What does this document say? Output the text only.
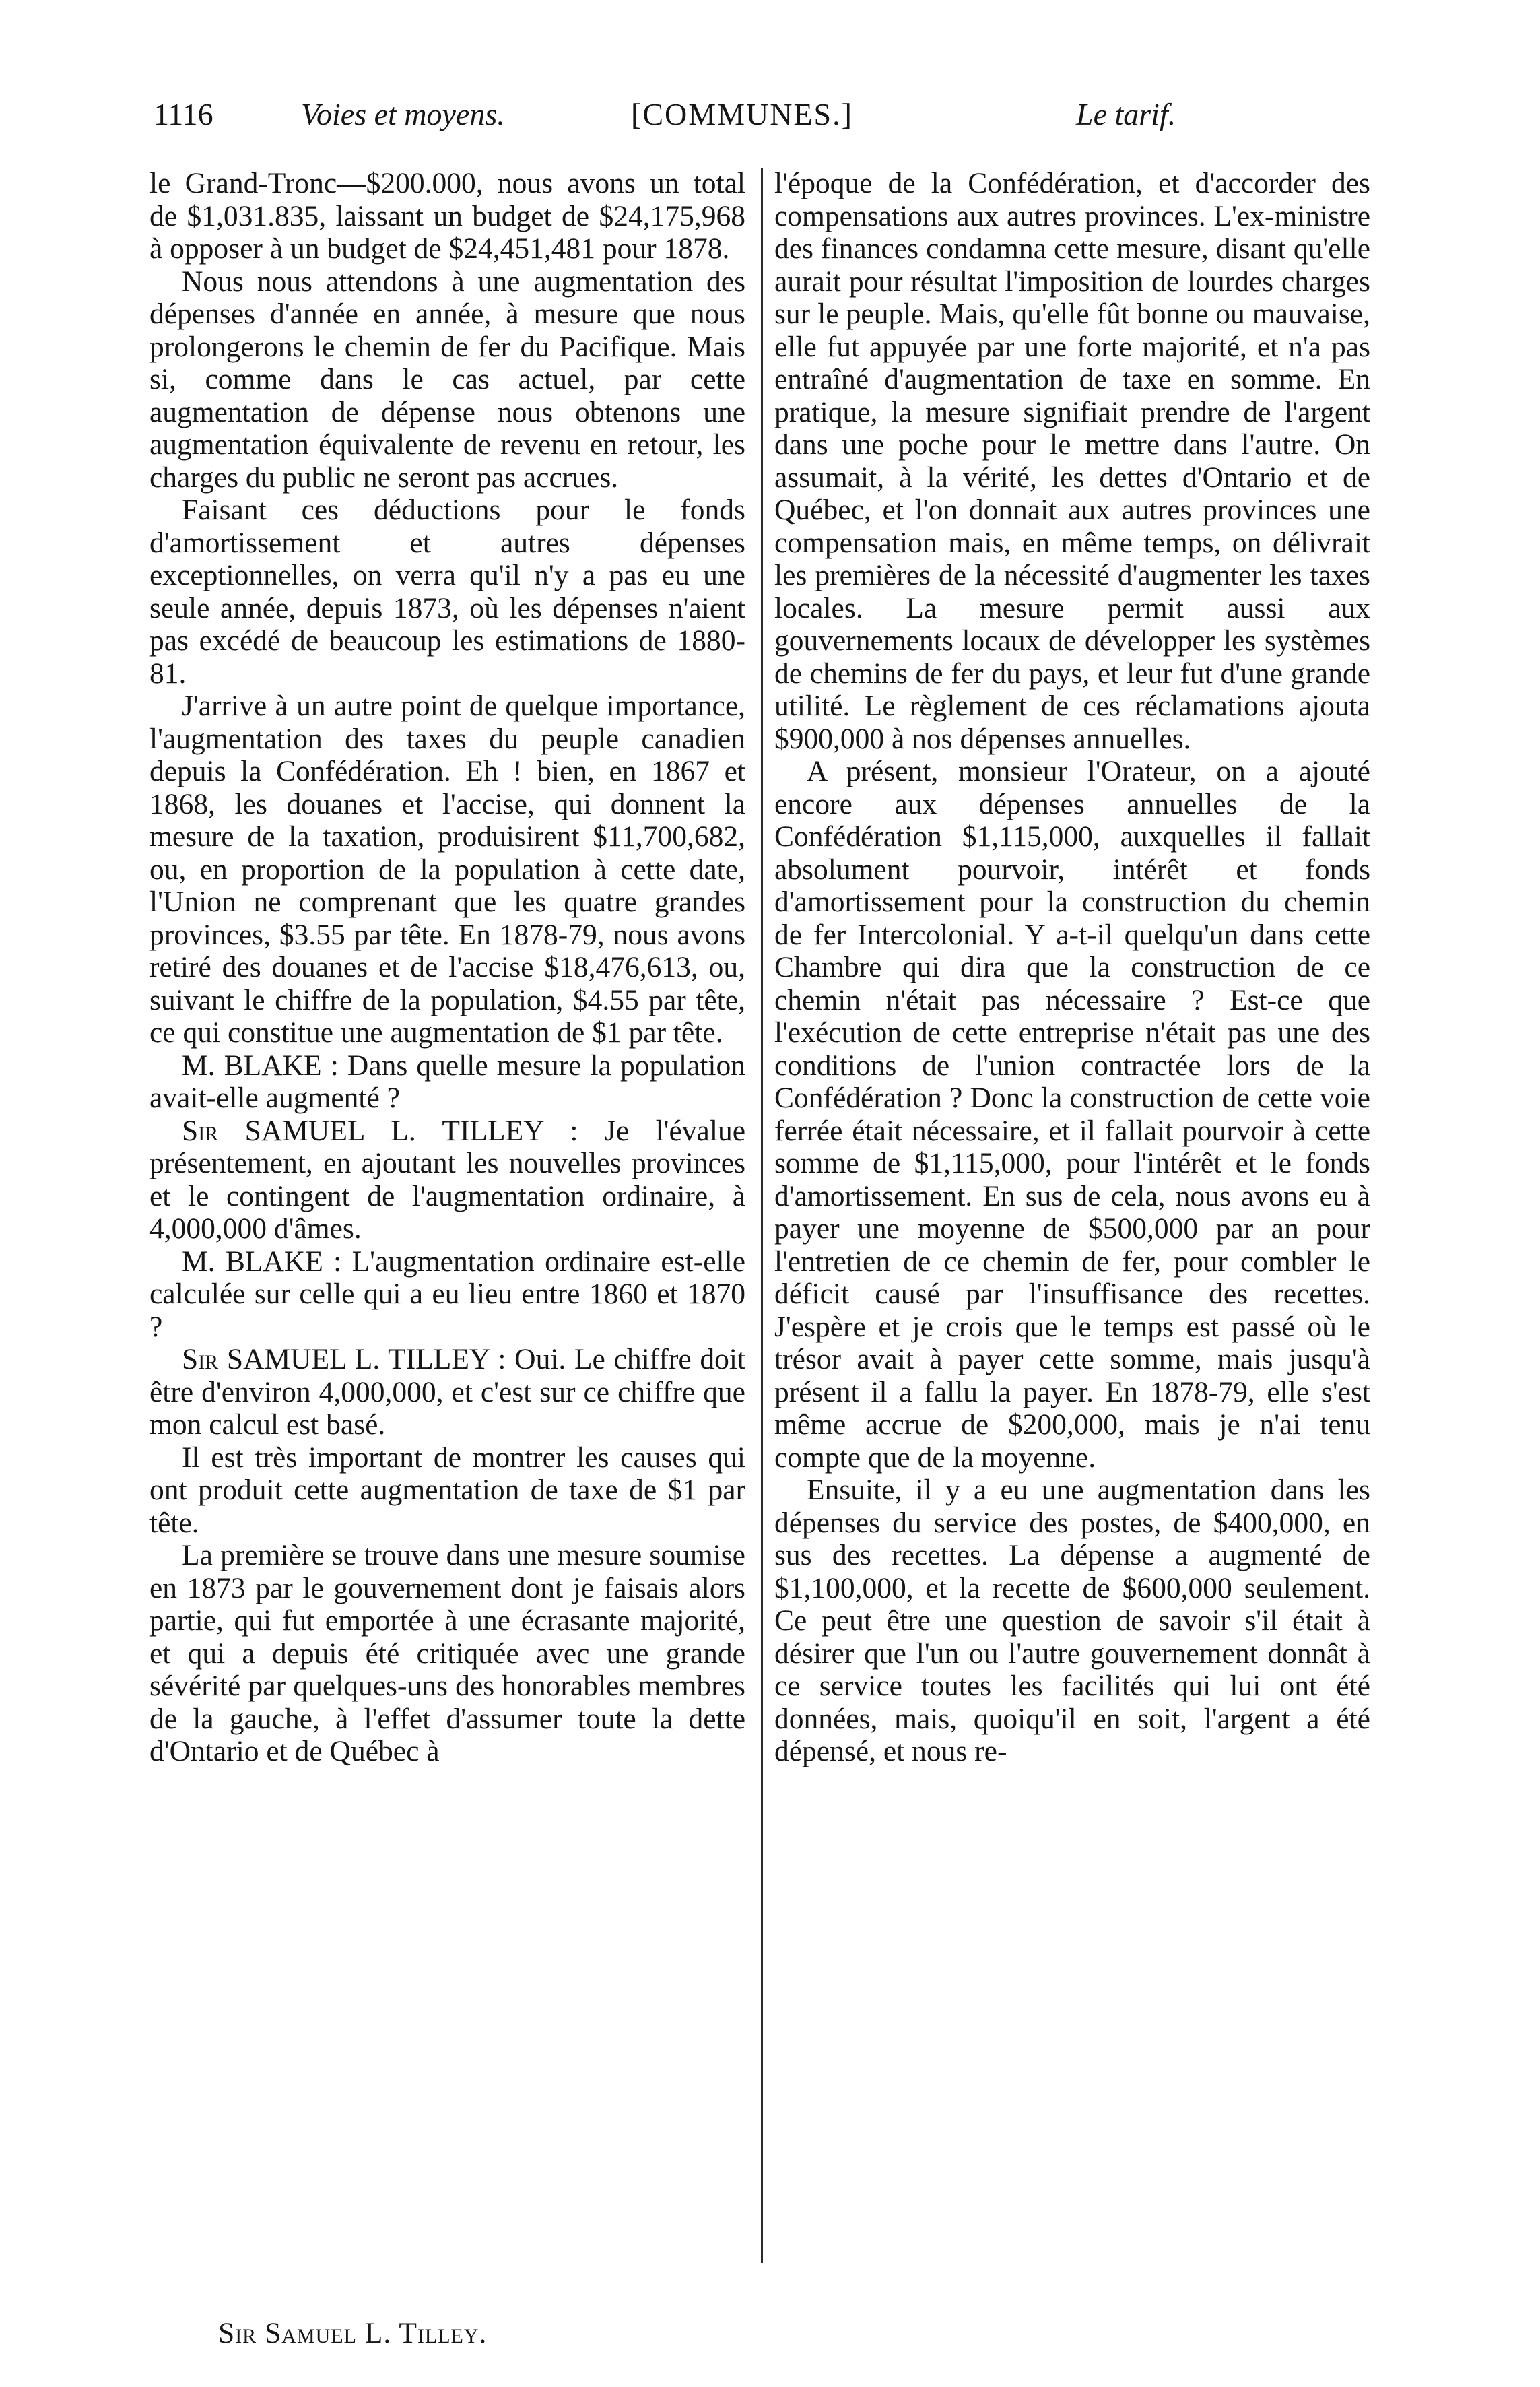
1116	Voies et moyens.	[COMMUNES.]	Le tarif.

le Grand-Tronc—$200.000, nous avons un total de $1,031.835, laissant un budget de $24,175,968 à opposer à un budget de $24,451,481 pour 1878.

Nous nous attendons à une augmentation des dépenses d'année en année, à mesure que nous prolongerons le chemin de fer du Pacifique. Mais si, comme dans le cas actuel, par cette augmentation de dépense nous obtenons une augmentation équivalente de revenu en retour, les charges du public ne seront pas accrues.

Faisant ces déductions pour le fonds d'amortissement et autres dépenses exceptionnelles, on verra qu'il n'y a pas eu une seule année, depuis 1873, où les dépenses n'aient pas excédé de beaucoup les estimations de 1880-81.

J'arrive à un autre point de quelque importance, l'augmentation des taxes du peuple canadien depuis la Confédération. Eh ! bien, en 1867 et 1868, les douanes et l'accise, qui donnent la mesure de la taxation, produisirent $11,700,682, ou, en proportion de la population à cette date, l'Union ne comprenant que les quatre grandes provinces, $3.55 par tête. En 1878-79, nous avons retiré des douanes et de l'accise $18,476,613, ou, suivant le chiffre de la population, $4.55 par tête, ce qui constitue une augmentation de $1 par tête.

M. BLAKE : Dans quelle mesure la population avait-elle augmenté ?

Sir SAMUEL L. TILLEY : Je l'évalue présentement, en ajoutant les nouvelles provinces et le contingent de l'augmentation ordinaire, à 4,000,000 d'âmes.

M. BLAKE : L'augmentation ordinaire est-elle calculée sur celle qui a eu lieu entre 1860 et 1870 ?

Sir SAMUEL L. TILLEY : Oui. Le chiffre doit être d'environ 4,000,000, et c'est sur ce chiffre que mon calcul est basé.

Il est très important de montrer les causes qui ont produit cette augmentation de taxe de $1 par tête.

La première se trouve dans une mesure soumise en 1873 par le gouvernement dont je faisais alors partie, qui fut emportée à une écrasante majorité, et qui a depuis été critiquée avec une grande sévérité par quelques-uns des honorables membres de la gauche, à l'effet d'assumer toute la dette d'Ontario et de Québec à

l'époque de la Confédération, et d'accorder des compensations aux autres provinces. L'ex-ministre des finances condamna cette mesure, disant qu'elle aurait pour résultat l'imposition de lourdes charges sur le peuple. Mais, qu'elle fût bonne ou mauvaise, elle fut appuyée par une forte majorité, et n'a pas entraîné d'augmentation de taxe en somme. En pratique, la mesure signifiait prendre de l'argent dans une poche pour le mettre dans l'autre. On assumait, à la vérité, les dettes d'Ontario et de Québec, et l'on donnait aux autres provinces une compensation mais, en même temps, on délivrait les premières de la nécessité d'augmenter les taxes locales. La mesure permit aussi aux gouvernements locaux de développer les systèmes de chemins de fer du pays, et leur fut d'une grande utilité. Le règlement de ces réclamations ajouta $900,000 à nos dépenses annuelles.

A présent, monsieur l'Orateur, on a ajouté encore aux dépenses annuelles de la Confédération $1,115,000, auxquelles il fallait absolument pourvoir, intérêt et fonds d'amortissement pour la construction du chemin de fer Intercolonial. Y a-t-il quelqu'un dans cette Chambre qui dira que la construction de ce chemin n'était pas nécessaire ? Est-ce que l'exécution de cette entreprise n'était pas une des conditions de l'union contractée lors de la Confédération ? Donc la construction de cette voie ferrée était nécessaire, et il fallait pourvoir à cette somme de $1,115,000, pour l'intérêt et le fonds d'amortissement. En sus de cela, nous avons eu à payer une moyenne de $500,000 par an pour l'entretien de ce chemin de fer, pour combler le déficit causé par l'insuffisance des recettes. J'espère et je crois que le temps est passé où le trésor avait à payer cette somme, mais jusqu'à présent il a fallu la payer. En 1878-79, elle s'est même accrue de $200,000, mais je n'ai tenu compte que de la moyenne.

Ensuite, il y a eu une augmentation dans les dépenses du service des postes, de $400,000, en sus des recettes. La dépense a augmenté de $1,100,000, et la recette de $600,000 seulement. Ce peut être une question de savoir s'il était à désirer que l'un ou l'autre gouvernement donnât à ce service toutes les facilités qui lui ont été données, mais, quoiqu'il en soit, l'argent a été dépensé, et nous re-

Sir Samuel L. Tilley.
